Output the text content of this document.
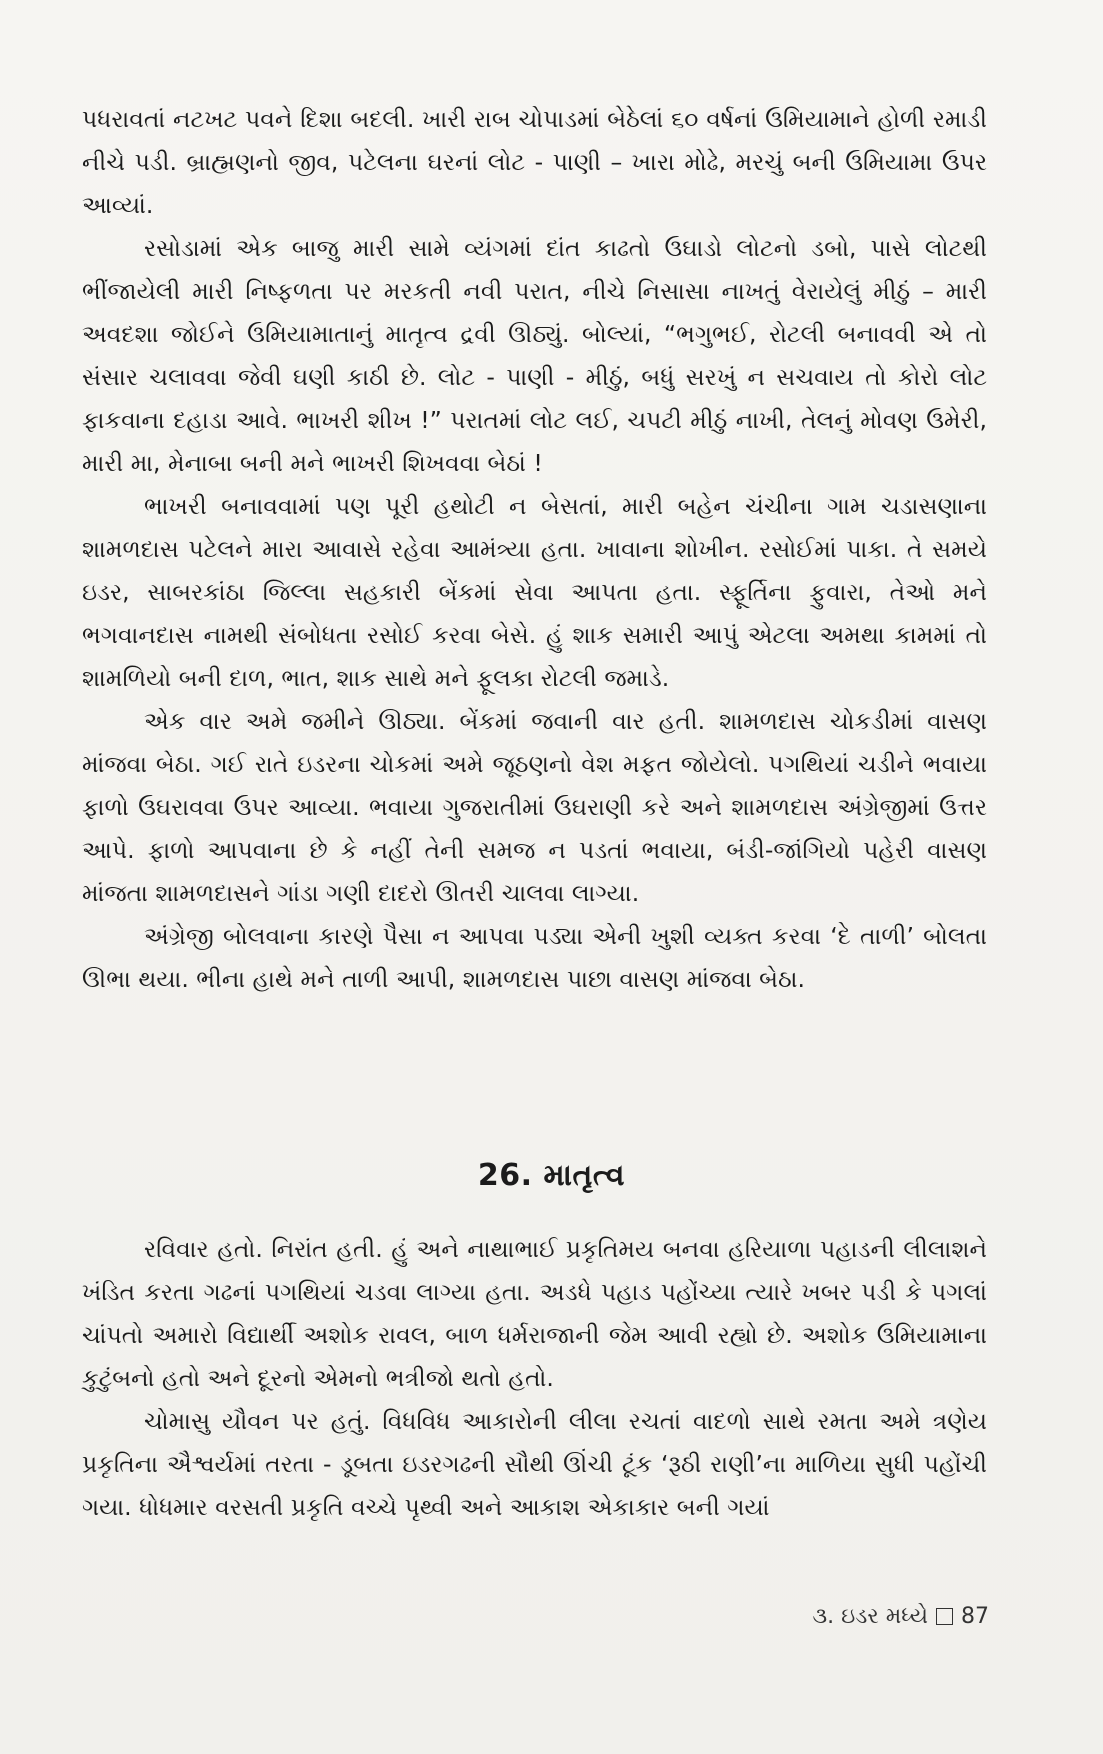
પધરાવતાં નટખટ પવને દિશા બદલી. ખારી રાબ ચોપાડમાં બેઠેલાં ૬૦ વર્ષનાં ઉમિયામાને હોળી રમાડી નીચે પડી. બ્રાહ્મણનો જીવ, પટેલના ઘરનાં લોટ - પાણી – ખારા મોઢે, મરચું બની ઉમિયામા ઉપર આવ્યાં.

રસોડામાં એક બાજુ મારી સામે વ્યંગમાં દાંત કાઢતો ઉઘાડો લોટનો ડબો, પાસે લોટથી ભીંજાયેલી મારી નિષ્ફળતા પર મરકતી નવી પરાત, નીચે નિસાસા નાખતું વેરાયેલું મીઠું – મારી અવદશા જોઈને ઉમિયામાતાનું માતૃત્વ દ્રવી ઊઠ્યું. બોલ્યાં, “ભગુભઈ, રોટલી બનાવવી એ તો સંસાર ચલાવવા જેવી ઘણી કાઠી છે. લોટ - પાણી - મીઠું, બધું સરખું ન સચવાય તો કોરો લોટ ફાકવાના દહાડા આવે. ભાખરી શીખ !” પરાતમાં લોટ લઈ, ચપટી મીઠું નાખી, તેલનું મોવણ ઉમેરી, મારી મા, મેનાબા બની મને ભાખરી શિખવવા બેઠાં !

ભાખરી બનાવવામાં પણ પૂરી હથોટી ન બેસતાં, મારી બહેન ચંચીના ગામ ચડાસણાના શામળદાસ પટેલને મારા આવાસે રહેવા આમંત્ર્યા હતા. ખાવાના શોખીન. રસોઈમાં પાકા. તે સમયે ઇડર, સાબરકાંઠા જિલ્લા સહકારી બેંકમાં સેવા આપતા હતા. સ્ફૂર્તિના ફુવારા, તેઓ મને ભગવાનદાસ નામથી સંબોધતા રસોઈ કરવા બેસે. હું શાક સમારી આપું એટલા અમથા કામમાં તો શામળિયો બની દાળ, ભાત, શાક સાથે મને ફૂલકા રોટલી જમાડે.

એક વાર અમે જમીને ઊઠ્યા. બેંકમાં જવાની વાર હતી. શામળદાસ ચોકડીમાં વાસણ માંજવા બેઠા. ગઈ રાતે ઇડરના ચોકમાં અમે જૂઠણનો વેશ મફત જોયેલો. પગથિયાં ચડીને ભવાયા ફાળો ઉઘરાવવા ઉપર આવ્યા. ભવાયા ગુજરાતીમાં ઉઘરાણી કરે અને શામળદાસ અંગ્રેજીમાં ઉત્તર આપે. ફાળો આપવાના છે કે નહીં તેની સમજ ન પડતાં ભવાયા, બંડી-જાંગિયો પહેરી વાસણ માંજતા શામળદાસને ગાંડા ગણી દાદરો ઊતરી ચાલવા લાગ્યા.

અંગ્રેજી બોલવાના કારણે પૈસા ન આપવા પડ્યા એની ખુશી વ્યક્ત કરવા ‘દે તાળી’ બોલતા ઊભા થયા. ભીના હાથે મને તાળી આપી, શામળદાસ પાછા વાસણ માંજવા બેઠા.

26. માતૃત્વ

રવિવાર હતો. નિરાંત હતી. હું અને નાથાભાઈ પ્રકૃતિમય બનવા હરિયાળા પહાડની લીલાશને ખંડિત કરતા ગઢનાં પગથિયાં ચડવા લાગ્યા હતા. અડધે પહાડ પહોંચ્યા ત્યારે ખબર પડી કે પગલાં ચાંપતો અમારો વિદ્યાર્થી અશોક રાવલ, બાળ ધર્મરાજાની જેમ આવી રહ્યો છે. અશોક ઉમિયામાના કુટુંબનો હતો અને દૂરનો એમનો ભત્રીજો થતો હતો.

ચોમાસુ યૌવન પર હતું. વિધવિધ આકારોની લીલા રચતાં વાદળો સાથે રમતા અમે ત્રણેય પ્રકૃતિના ઐશ્વર્યમાં તરતા - ડૂબતા ઇડરગઢની સૌથી ઊંચી ટૂંક ‘રૂઠી રાણી’ના માળિયા સુધી પહોંચી ગયા. ધોધમાર વરસતી પ્રકૃતિ વચ્ચે પૃથ્વી અને આકાશ એકાકાર બની ગયાં

૩. ઇડર મધ્યે 87
